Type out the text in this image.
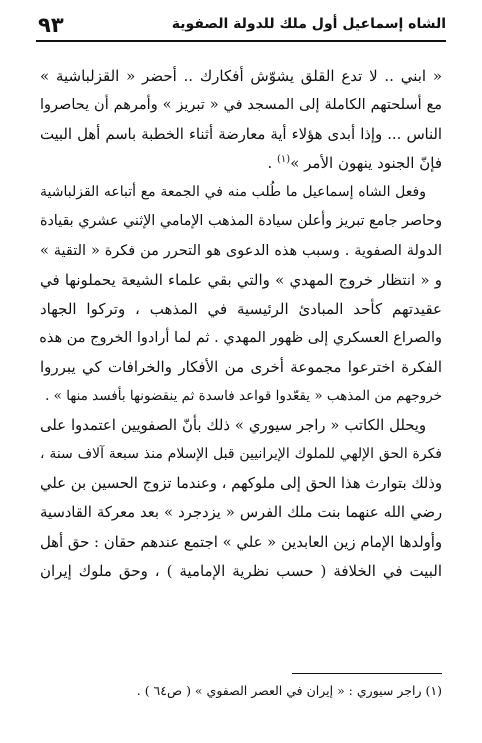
الشاه إسماعيل أول ملك للدولة الصفوية
٩٣
« ابني .. لا تدع القلق يشوّش أفكارك .. أحضر « القزلباشية »
مع أسلحتهم الكاملة إلى المسجد في « تبريز » وأمرهم أن يحاصروا
الناس ... وإذا أبدى هؤلاء أية معارضة أثناء الخطبة باسم أهل البيت
فإنّ الجنود ينهون الأمر »$^{(١)}$ .
وفعل الشاه إسماعيل ما طُلب منه في الجمعة مع أتباعه القزلباشية
وحاصر جامع تبريز وأعلن سيادة المذهب الإمامي الإثني عشري بقيادة
الدولة الصفوية . وسبب هذه الدعوى هو التحرر من فكرة « التقية »
و « انتظار خروج المهدي » والتي بقي علماء الشيعة يحملونها في
عقيدتهم كأحد المبادئ الرئيسية في المذهب ، وتركوا الجهاد
والصراع العسكري إلى ظهور المهدي . ثم لما أرادوا الخروج من هذه
الفكرة اخترعوا مجموعة أخرى من الأفكار والخرافات كي يبرروا
خروجهم من المذهب « يقعّدوا قواعد فاسدة ثم ينقضونها بأفسد منها » .
ويحلل الكاتب « راجر سيوري » ذلك بأنّ الصفويين اعتمدوا على
فكرة الحق الإلهي للملوك الإيرانيين قبل الإسلام منذ سبعة آلاف سنة ،
وذلك بتوارث هذا الحق إلى ملوكهم ، وعندما تزوج الحسين بن علي
رضي الله عنهما بنت ملك الفرس « يزدجرد » بعد معركة القادسية
وأولدها الإمام زين العابدين « علي » اجتمع عندهم حقان : حق أهل
البيت في الخلافة ( حسب نظرية الإمامية ) ، وحق ملوك إيران
(١) راجر سيوري : « إيران في العصر الصفوي » ( ص٦٤ ) .
